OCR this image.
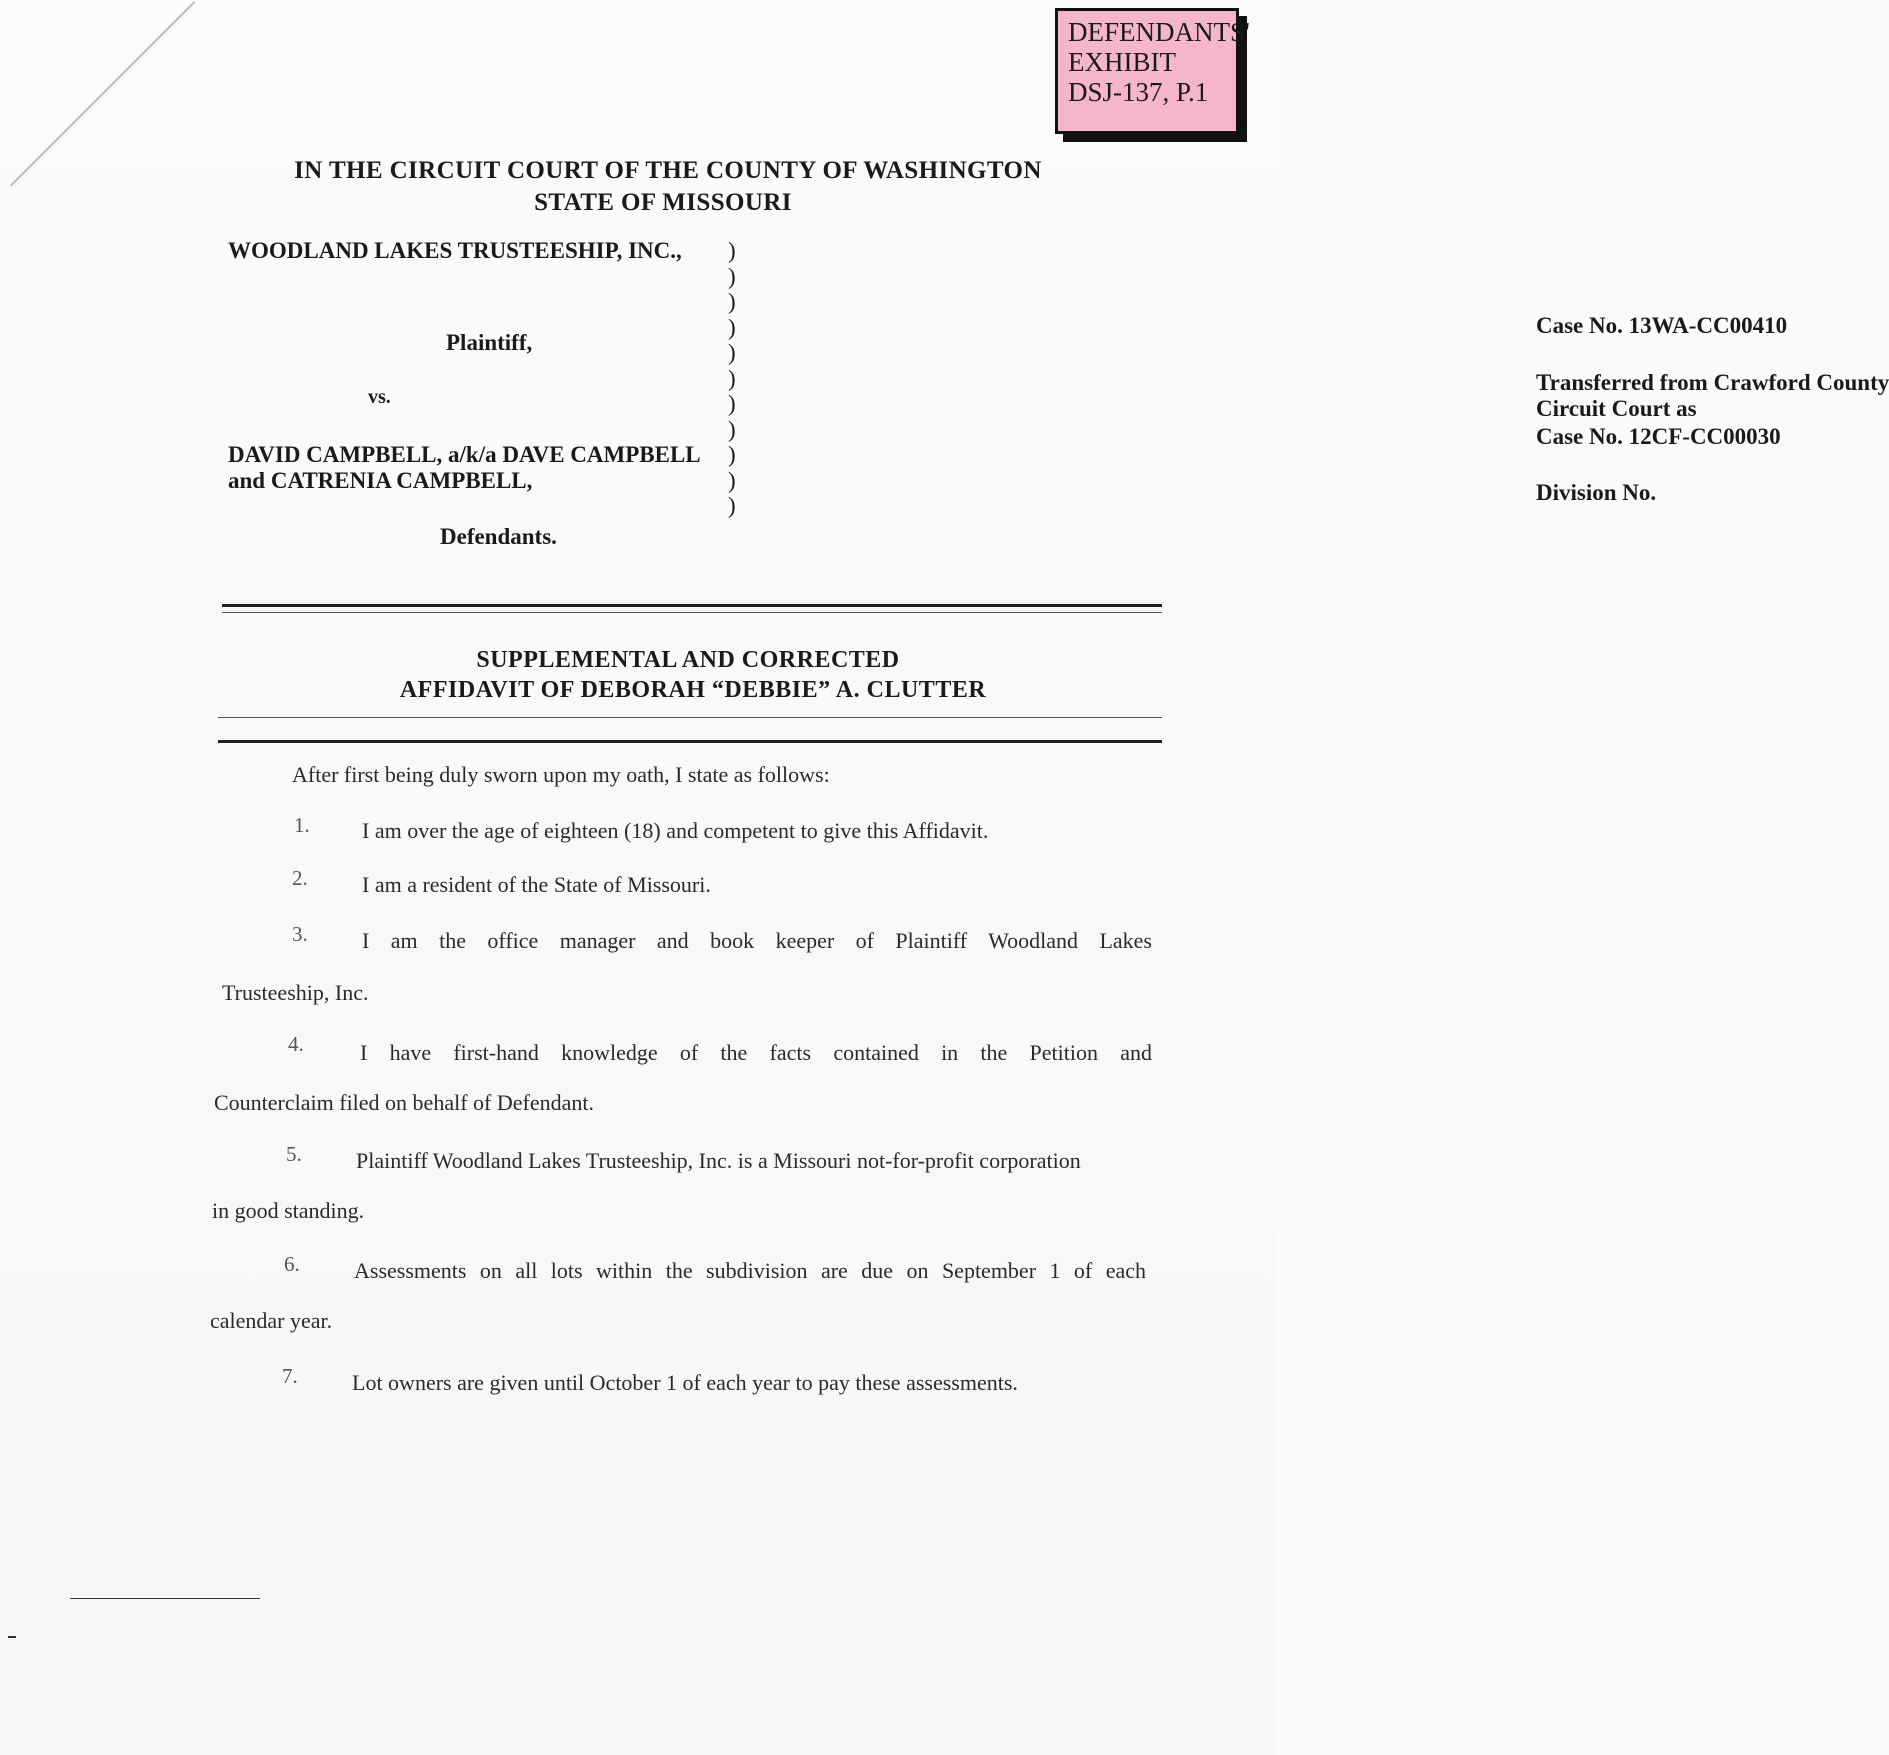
DEFENDANTS'
EXHIBIT
DSJ-137, P.1
IN THE CIRCUIT COURT OF THE COUNTY OF WASHINGTON
STATE OF MISSOURI
WOODLAND LAKES TRUSTEESHIP, INC.,
Plaintiff,
vs.
DAVID CAMPBELL, a/k/a DAVE CAMPBELL
and CATRENIA CAMPBELL,
Defendants.
)
)
)
)
)
)
)
)
)
)
)
Case No. 13WA-CC00410
Transferred from Crawford County
Circuit Court as
Case No. 12CF-CC00030
Division No.
SUPPLEMENTAL AND CORRECTED
AFFIDAVIT OF DEBORAH “DEBBIE” A. CLUTTER
After first being duly sworn upon my oath, I state as follows:
1. I am over the age of eighteen (18) and competent to give this Affidavit.
2. I am a resident of the State of Missouri.
3. I am the office manager and book keeper of Plaintiff Woodland Lakes
Trusteeship, Inc.
4.	I have first-hand knowledge of the facts contained in the Petition and
Counterclaim filed on behalf of Defendant.
5. Plaintiff Woodland Lakes Trusteeship, Inc. is a Missouri not-for-profit corporation
in good standing.
6. Assessments on all lots within the subdivision are due on September 1 of each
calendar year.
7. Lot owners are given until October 1 of each year to pay these assessments.
